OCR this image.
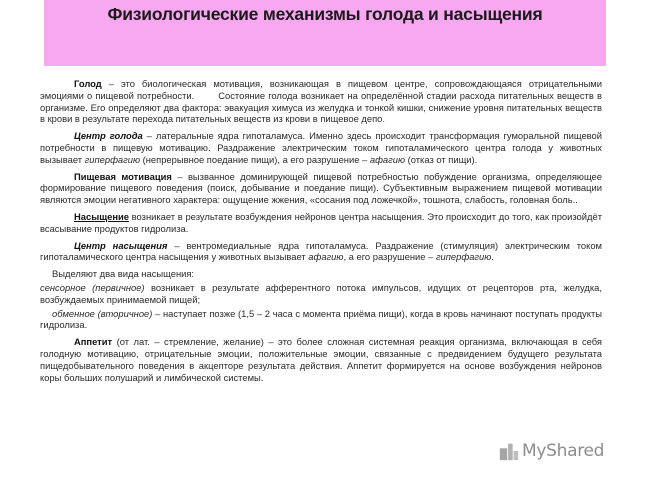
Физиологические механизмы голода и насыщения

Голод – это биологическая мотивация, возникающая в пищевом центре, сопровождающаяся отрицательными эмоциями о пищевой потребности.	Состояние голода возникает на определённой стадии расхода питательных веществ в организме. Его определяют два фактора: эвакуация химуса из желудка и тонкой кишки, снижение уровня питательных веществ в крови в результате перехода питательных веществ из крови в пищевое депо.

Центр голода – латеральные ядра гипоталамуса. Именно здесь происходит трансформация гуморальной пищевой потребности в пищевую мотивацию. Раздражение электрическим током гипоталамического центра голода у животных вызывает гиперфагию (непрерывное поедание пищи), а его разрушение – афагию (отказ от пищи).

Пищевая мотивация – вызванное доминирующей пищевой потребностью побуждение организма, определяющее формирование пищевого поведения (поиск, добывание и поедание пищи). Субъективным выражением пищевой мотивации являются эмоции негативного характера: ощущение жжения, «сосания под ложечкой», тошнота, слабость, головная боль..

Насыщение возникает в результате возбуждения нейронов центра насыщения. Это происходит до того, как произойдёт всасывание продуктов гидролиза.

Центр насыщения – вентромедиальные ядра гипоталамуса. Раздражение (стимуляция) электрическим током гипоталамического центра насыщения у животных вызывает афагию, а его разрушение – гиперфагию.

Выделяют два вида насыщения:

сенсорное (первичное) возникает в результате афферентного потока импульсов, идущих от рецепторов рта, желудка, возбуждаемых принимаемой пищей;

обменное (вторичное) – наступает позже (1,5 – 2 часа с момента приёма пищи), когда в кровь начинают поступать продукты гидролиза.

Аппетит (от лат. – стремление, желание) – это более сложная системная реакция организма, включающая в себя голодную мотивацию, отрицательные эмоции, положительные эмоции, связанные с предвидением будущего результата пищедобывательного поведения в акцепторе результата действия. Аппетит формируется на основе возбуждения нейронов коры больших полушарий и лимбической системы.

MyShared
